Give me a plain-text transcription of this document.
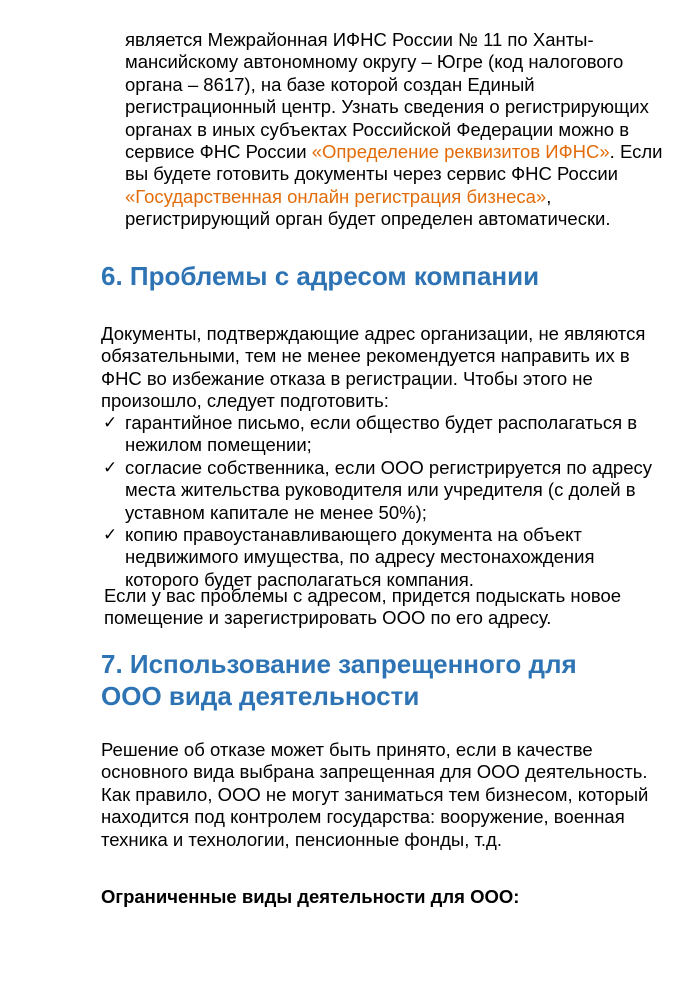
является Межрайонная ИФНС России № 11 по Ханты-мансийскому автономному округу – Югре (код налогового органа – 8617), на базе которой создан Единый регистрационный центр. Узнать сведения о регистрирующих органах в иных субъектах Российской Федерации можно в сервисе ФНС России «Определение реквизитов ИФНС». Если вы будете готовить документы через сервис ФНС России «Государственная онлайн регистрация бизнеса», регистрирующий орган будет определен автоматически.

6. Проблемы с адресом компании

Документы, подтверждающие адрес организации, не являются обязательными, тем не менее рекомендуется направить их в ФНС во избежание отказа в регистрации. Чтобы этого не произошло, следует подготовить:

✓ гарантийное письмо, если общество будет располагаться в нежилом помещении;
✓ согласие собственника, если ООО регистрируется по адресу места жительства руководителя или учредителя (с долей в уставном капитале не менее 50%);
✓ копию правоустанавливающего документа на объект недвижимого имущества, по адресу местонахождения которого будет располагаться компания.

Если у вас проблемы с адресом, придется подыскать новое помещение и зарегистрировать ООО по его адресу.

7. Использование запрещенного для ООО вида деятельности

Решение об отказе может быть принято, если в качестве основного вида выбрана запрещенная для ООО деятельность. Как правило, ООО не могут заниматься тем бизнесом, который находится под контролем государства: вооружение, военная техника и технологии, пенсионные фонды, т.д.

Ограниченные виды деятельности для ООО:
